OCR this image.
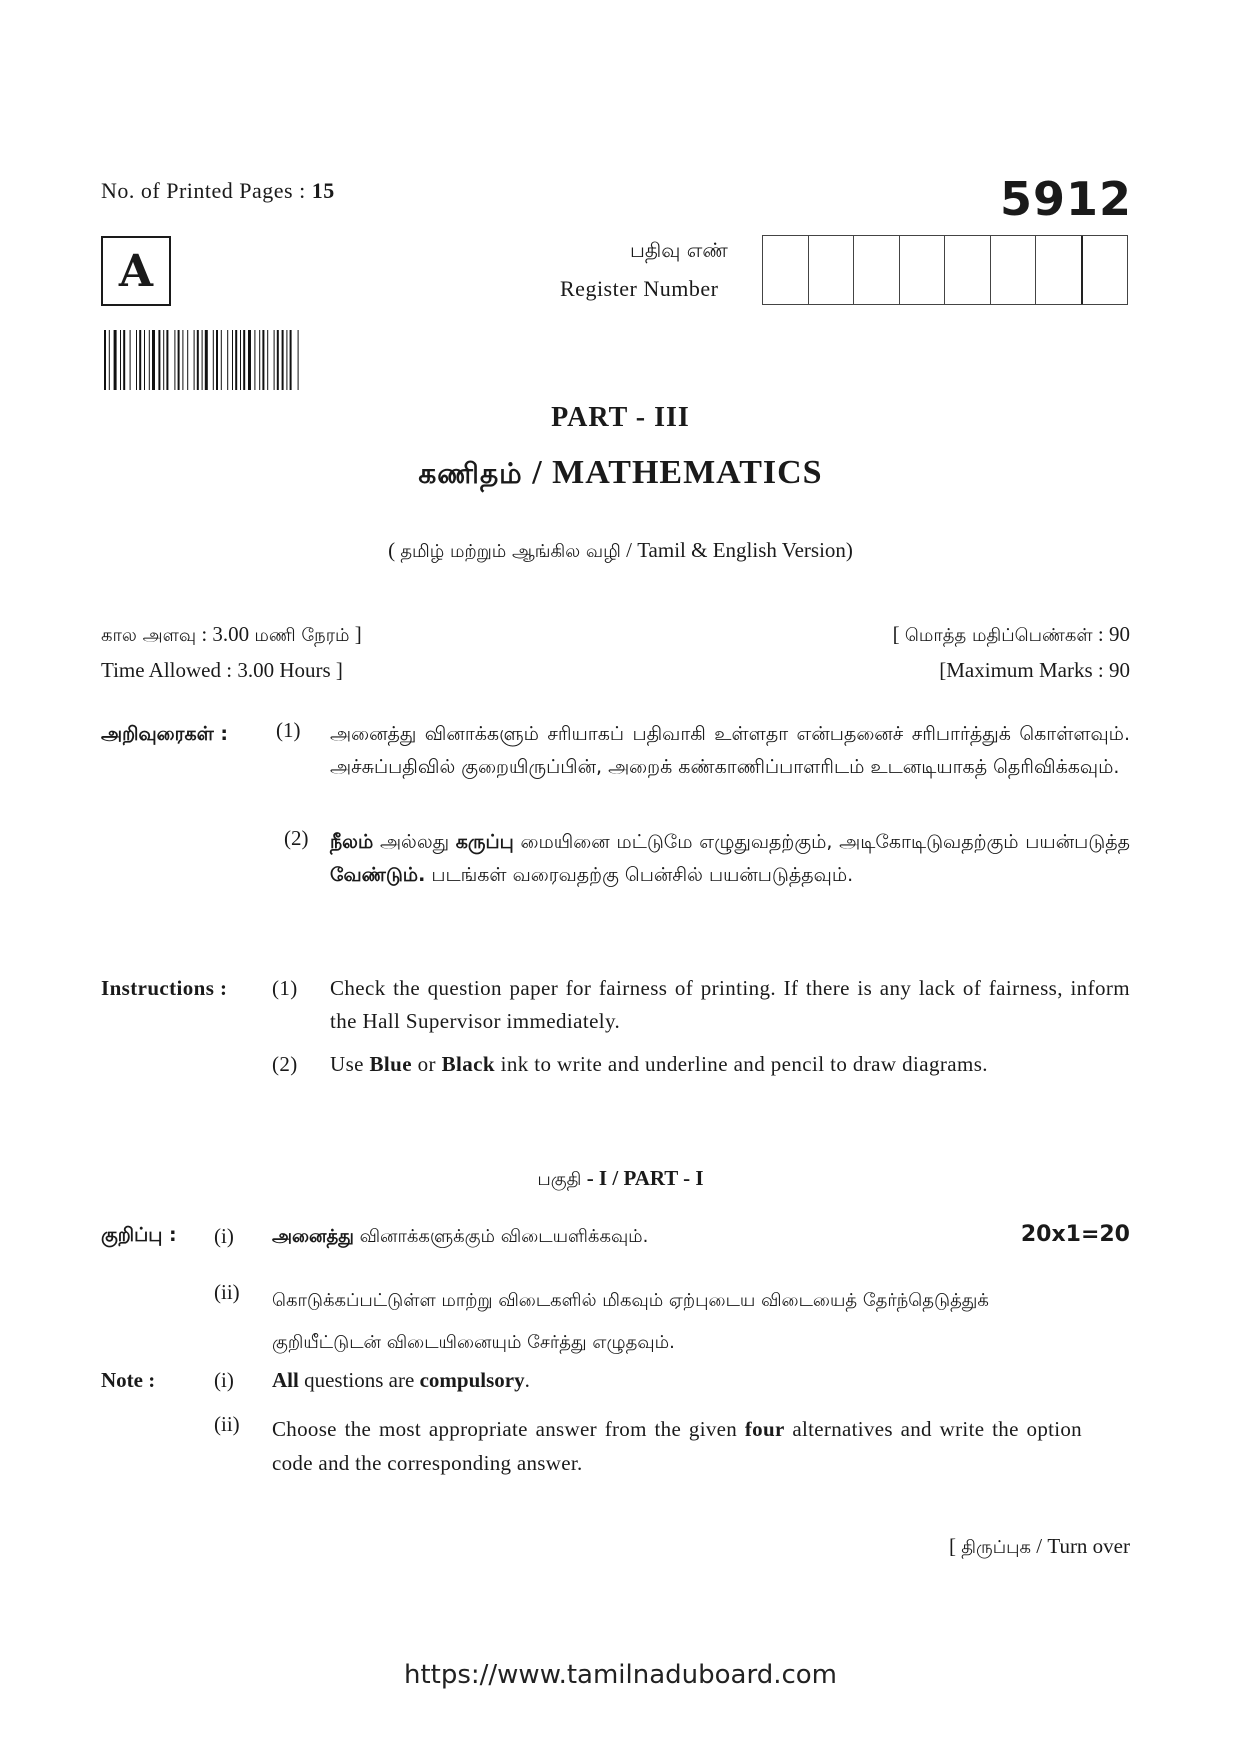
No. of Printed Pages : 15	5912
A	பதிவு எண்
Register Number
PART - III
கணிதம் / MATHEMATICS
( தமிழ் மற்றும் ஆங்கில வழி / Tamil & English Version)
கால அளவு : 3.00 மணி நேரம் ]
Time Allowed : 3.00 Hours ]
[ மொத்த மதிப்பெண்கள் : 90
[Maximum Marks : 90
அறிவுரைகள் : (1) அனைத்து வினாக்களும் சரியாகப் பதிவாகி உள்ளதா என்பதனைச் சரிபார்த்துக் கொள்ளவும். அச்சுப்பதிவில் குறையிருப்பின், அறைக் கண்காணிப்பாளரிடம் உடனடியாகத் தெரிவிக்கவும்.
(2) நீலம் அல்லது கருப்பு மையினை மட்டுமே எழுதுவதற்கும், அடிகோடிடுவதற்கும் பயன்படுத்த வேண்டும். படங்கள் வரைவதற்கு பென்சில் பயன்படுத்தவும்.
Instructions : (1) Check the question paper for fairness of printing. If there is any lack of fairness, inform the Hall Supervisor immediately.
(2) Use Blue or Black ink to write and underline and pencil to draw diagrams.
பகுதி - I / PART - I
குறிப்பு : (i) அனைத்து வினாக்களுக்கும் விடையளிக்கவும்.	20x1=20
(ii) கொடுக்கப்பட்டுள்ள மாற்று விடைகளில் மிகவும் ஏற்புடைய விடையைத் தேர்ந்தெடுத்துக் குறியீட்டுடன் விடையினையும் சேர்த்து எழுதவும்.
Note :	(i) All questions are compulsory.
(ii) Choose the most appropriate answer from the given four alternatives and write the option code and the corresponding answer.
[ திருப்புக / Turn over
https://www.tamilnaduboard.com
